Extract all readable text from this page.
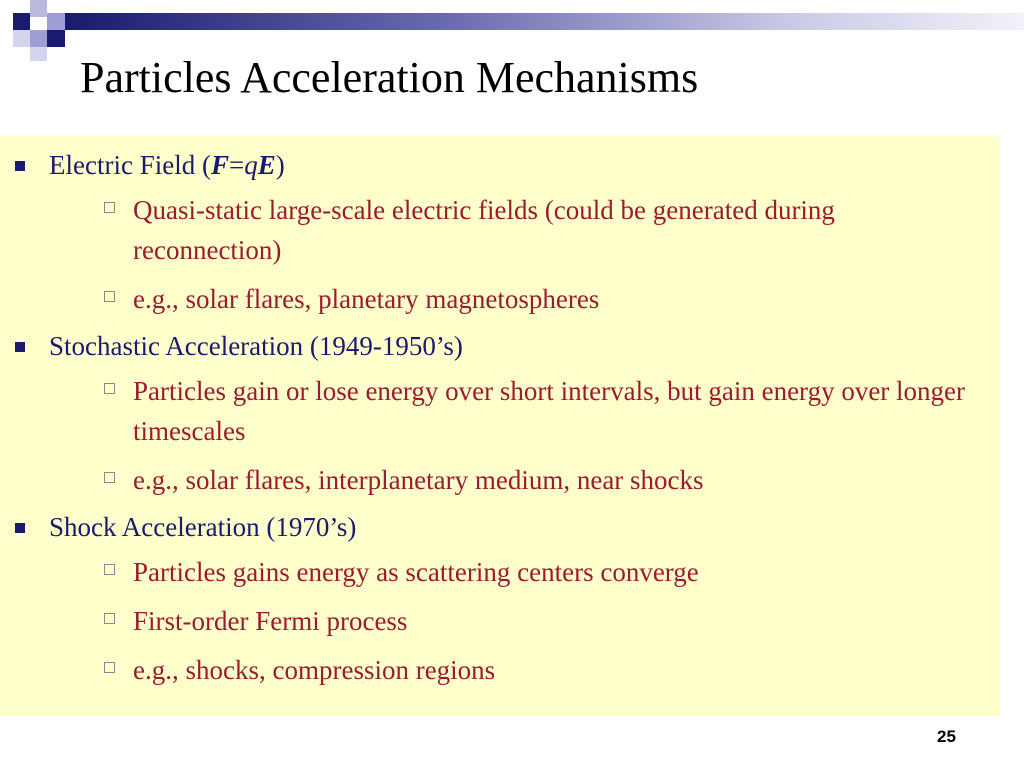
Particles Acceleration Mechanisms
Electric Field (F=qE)
Quasi-static large-scale electric fields (could be generated during reconnection)
e.g., solar flares, planetary magnetospheres
Stochastic Acceleration (1949-1950’s)
Particles gain or lose energy over short intervals, but gain energy over longer timescales
e.g., solar flares, interplanetary medium, near shocks
Shock Acceleration (1970’s)
Particles gains energy as scattering centers converge
First-order Fermi process
e.g., shocks, compression regions
25
